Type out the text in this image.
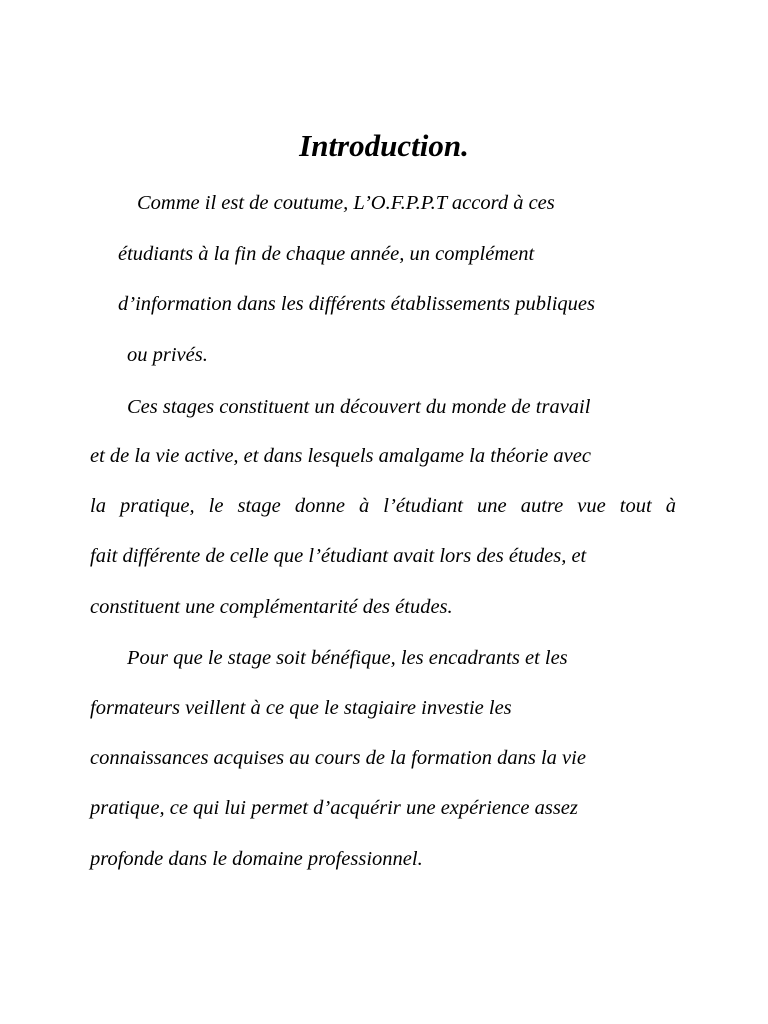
Introduction.

Comme il est de coutume, L’O.F.P.P.T accord à ces

étudiants à la fin de chaque année, un complément

d’information dans les différents établissements publiques

ou privés.

Ces stages constituent un découvert du monde de travail

et de la vie active, et dans lesquels amalgame la théorie avec

la pratique, le stage donne à l’étudiant une autre vue tout à

fait différente de celle que l’étudiant avait lors des études, et

constituent une complémentarité des études.

Pour que le stage soit bénéfique, les encadrants et les

formateurs veillent à ce que le stagiaire investie les

connaissances acquises au cours de la formation dans la vie

pratique, ce qui lui permet d’acquérir une expérience assez

profonde dans le domaine professionnel.
